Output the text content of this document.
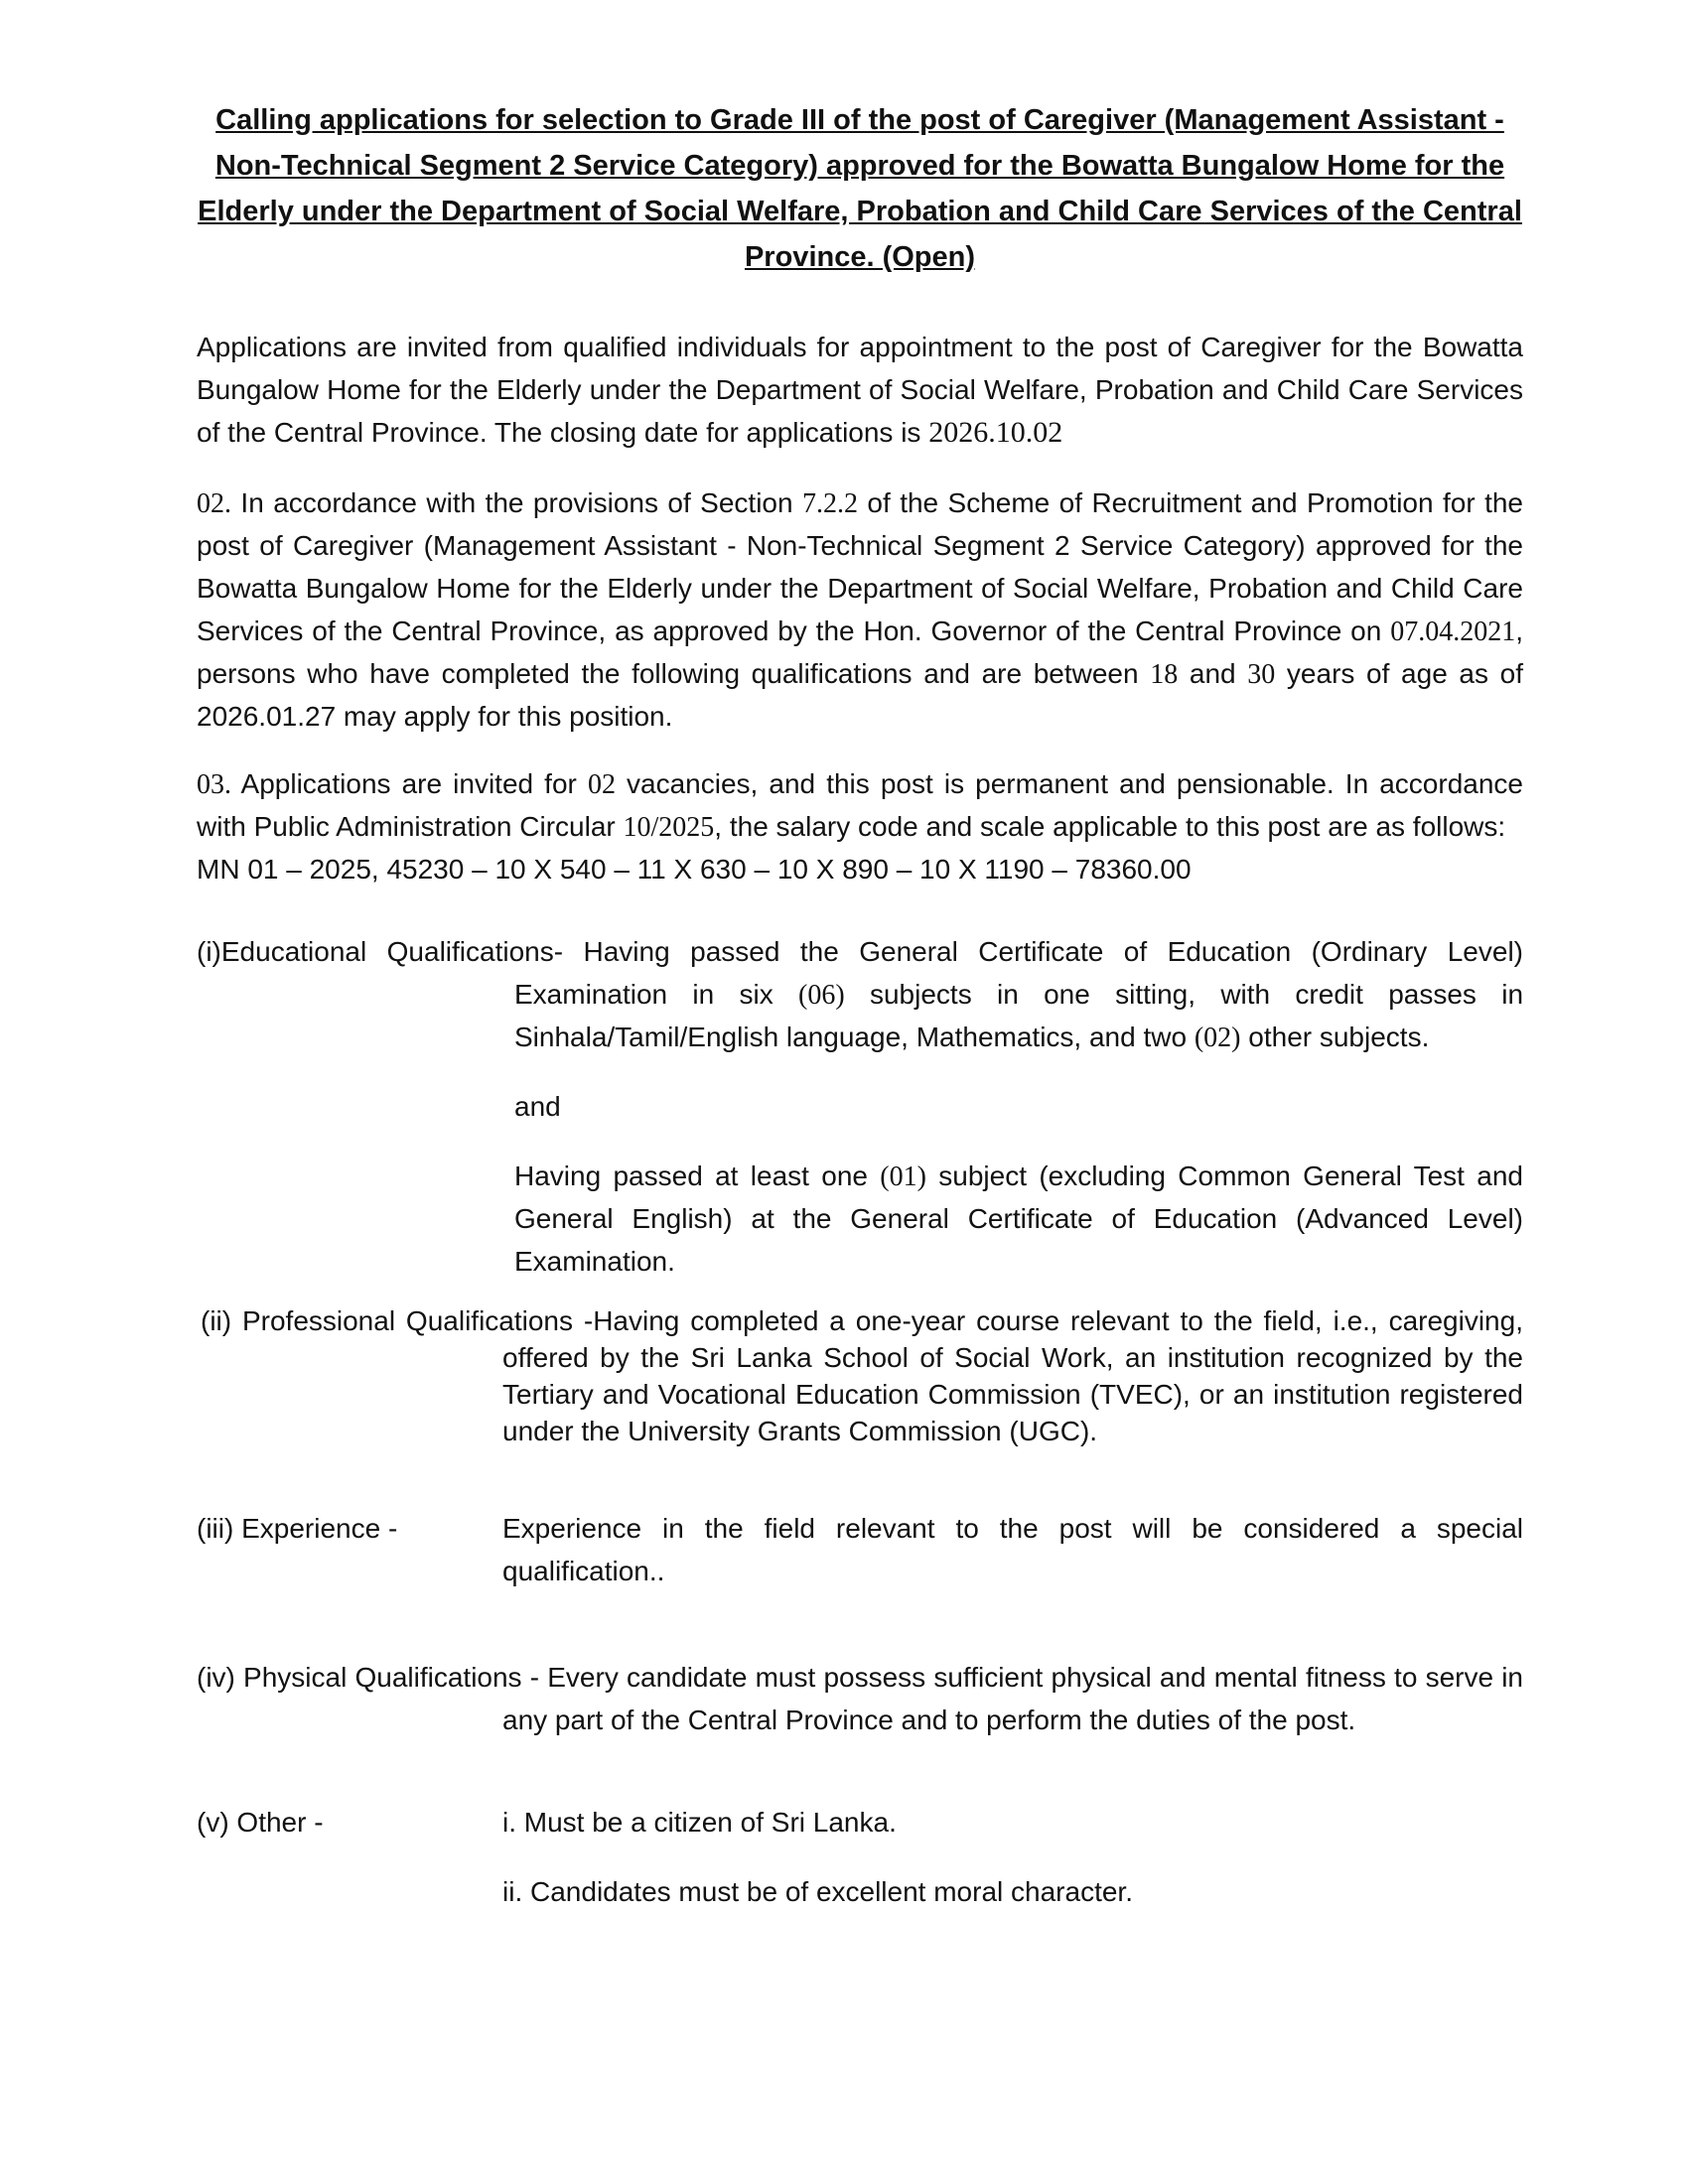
Calling applications for selection to Grade III of the post of Caregiver (Management Assistant -
Non-Technical Segment 2 Service Category) approved for the Bowatta Bungalow Home for the
Elderly under the Department of Social Welfare, Probation and Child Care Services of the Central
Province. (Open)
Applications are invited from qualified individuals for appointment to the post of Caregiver for the Bowatta
Bungalow Home for the Elderly under the Department of Social Welfare, Probation and Child Care Services
of the Central Province. The closing date for applications is 2026.10.02
02. In accordance with the provisions of Section 7.2.2 of the Scheme of Recruitment and Promotion for the
post of Caregiver (Management Assistant - Non-Technical Segment 2 Service Category) approved for the
Bowatta Bungalow Home for the Elderly under the Department of Social Welfare, Probation and Child Care
Services of the Central Province, as approved by the Hon. Governor of the Central Province on 07.04.2021,
persons who have completed the following qualifications and are between 18 and 30 years of age as of
2026.01.27 may apply for this position.
03. Applications are invited for 02 vacancies, and this post is permanent and pensionable. In accordance
with Public Administration Circular 10/2025, the salary code and scale applicable to this post are as follows:
MN 01 – 2025, 45230 – 10 X 540 – 11 X 630 – 10 X 890 – 10 X 1190 – 78360.00
(i)Educational Qualifications- Having passed the General Certificate of Education (Ordinary Level)
Examination in six (06) subjects in one sitting, with credit passes in
Sinhala/Tamil/English language, Mathematics, and two (02) other subjects.
and
Having passed at least one (01) subject (excluding Common General Test and
General English) at the General Certificate of Education (Advanced Level)
Examination.
(ii) Professional Qualifications -Having completed a one-year course relevant to the field, i.e., caregiving,
offered by the Sri Lanka School of Social Work, an institution recognized by the
Tertiary and Vocational Education Commission (TVEC), or an institution registered
under the University Grants Commission (UGC).
(iii) Experience -	Experience in the field relevant to the post will be considered a special
qualification..
(iv) Physical Qualifications - Every candidate must possess sufficient physical and mental fitness to serve in
any part of the Central Province and to perform the duties of the post.
(v) Other -	i. Must be a citizen of Sri Lanka.
ii. Candidates must be of excellent moral character.
